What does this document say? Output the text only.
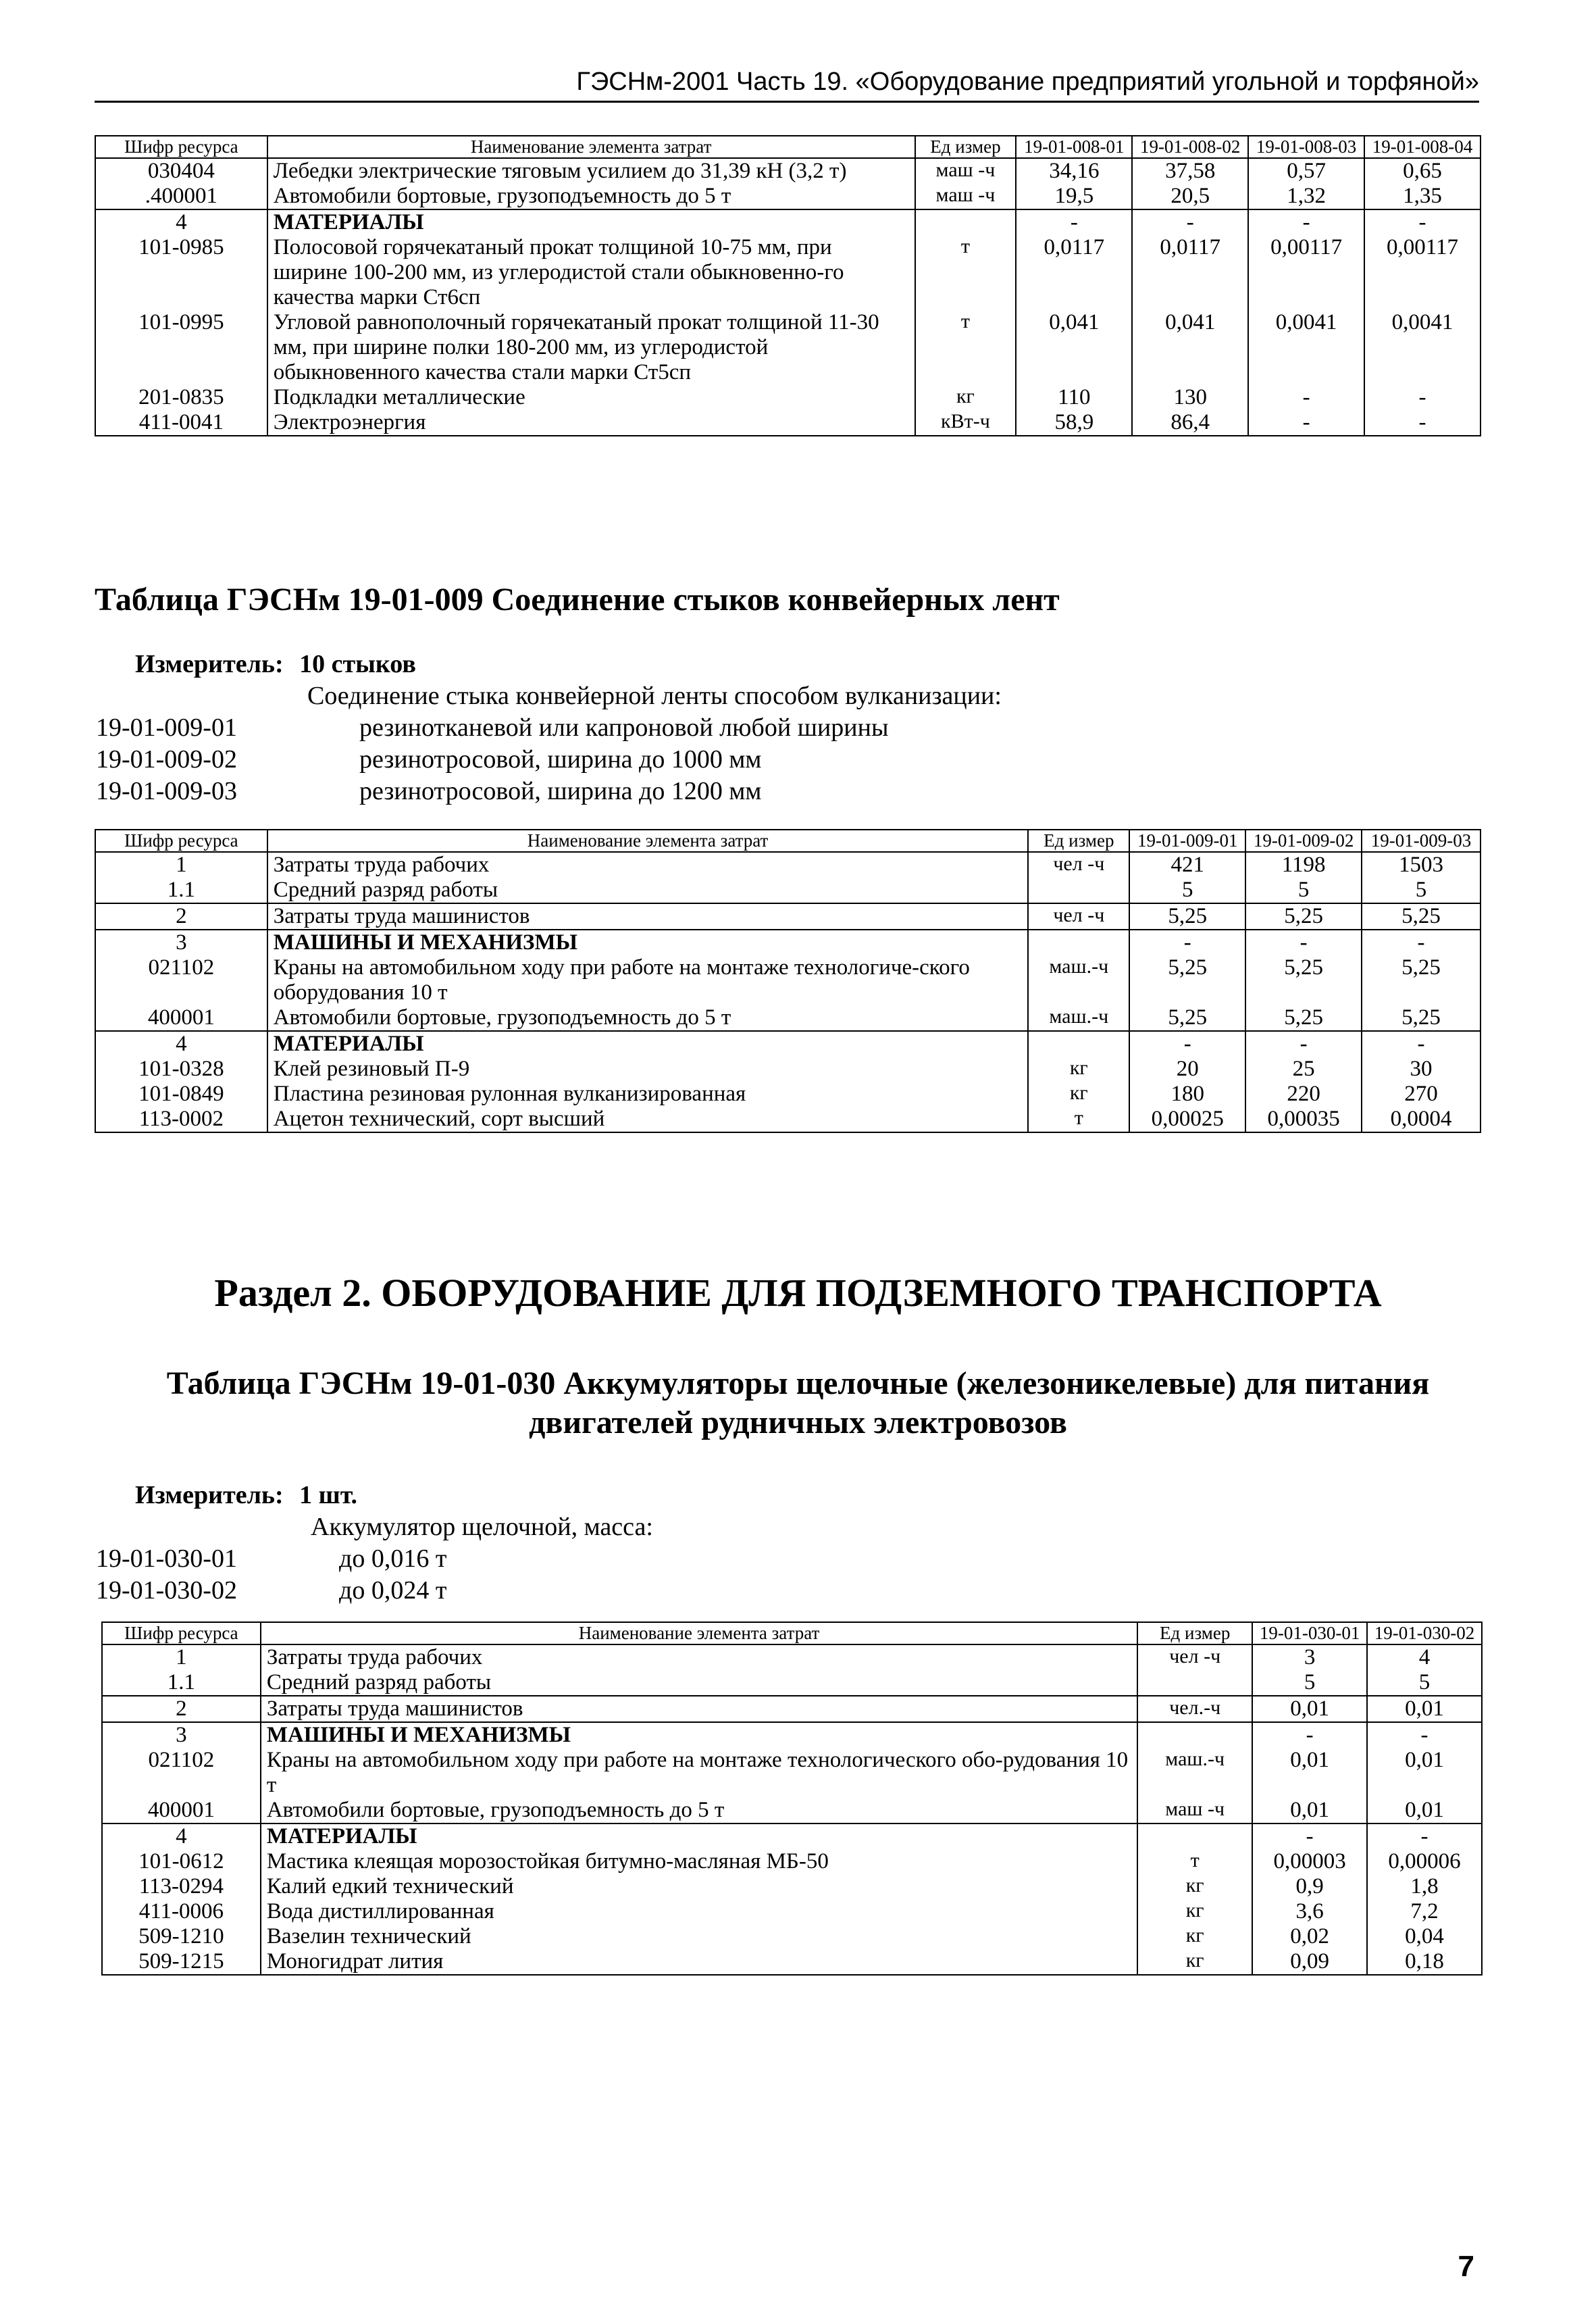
ГЭСНм-2001 Часть 19. «Оборудование предприятий угольной и торфяной»
Шифр ресурса	Наименование элемента затрат	Ед измер	19-01-008-01	19-01-008-02	19-01-008-03	19-01-008-04
030404	Лебедки электрические тяговым усилием до 31,39 кН (3,2 т)	маш -ч	34,16	37,58	0,57	0,65
.400001	Автомобили бортовые, грузоподъемность до 5 т	маш -ч	19,5	20,5	1,32	1,35
4	МАТЕРИАЛЫ		-	-	-	-
101-0985	Полосовой горячекатаный прокат толщиной 10-75 мм, при ширине 100-200 мм, из углеродистой стали обыкновенно-го качества марки Ст6сп	т	0,0117	0,0117	0,00117	0,00117
101-0995	Угловой равнополочный горячекатаный прокат толщиной 11-30 мм, при ширине полки 180-200 мм, из углеродистой обыкновенного качества стали марки Ст5сп	т	0,041	0,041	0,0041	0,0041
201-0835	Подкладки металлические	кг	110	130	-	-
411-0041	Электроэнергия	кВт-ч	58,9	86,4	-	-
Таблица ГЭСНм 19-01-009 Соединение стыков конвейерных лент
Измеритель: 10 стыков
Соединение стыка конвейерной ленты способом вулканизации:
19-01-009-01	резинотканевой или капроновой любой ширины
19-01-009-02	резинотросовой, ширина до 1000 мм
19-01-009-03	резинотросовой, ширина до 1200 мм
Шифр ресурса	Наименование элемента затрат	Ед измер	19-01-009-01	19-01-009-02	19-01-009-03
1	Затраты труда рабочих	чел -ч	421	1198	1503
1.1	Средний разряд работы		5	5	5
2	Затраты труда машинистов	чел -ч	5,25	5,25	5,25
3	МАШИНЫ И МЕХАНИЗМЫ		-	-	-
021102	Краны на автомобильном ходу при работе на монтаже технологиче-ского оборудования 10 т	маш.-ч	5,25	5,25	5,25
400001	Автомобили бортовые, грузоподъемность до 5 т	маш.-ч	5,25	5,25	5,25
4	МАТЕРИАЛЫ		-	-	-
101-0328	Клей резиновый П-9	кг	20	25	30
101-0849	Пластина резиновая рулонная вулканизированная	кг	180	220	270
113-0002	Ацетон технический, сорт высший	т	0,00025	0,00035	0,0004
Раздел 2. ОБОРУДОВАНИЕ ДЛЯ ПОДЗЕМНОГО ТРАНСПОРТА
Таблица ГЭСНм 19-01-030 Аккумуляторы щелочные (железоникелевые) для питания
двигателей рудничных электровозов
Измеритель: 1 шт.
Аккумулятор щелочной, масса:
19-01-030-01	до 0,016 т
19-01-030-02	до 0,024 т
Шифр ресурса	Наименование элемента затрат	Ед измер	19-01-030-01	19-01-030-02
1	Затраты труда рабочих	чел -ч	3	4
1.1	Средний разряд работы		5	5
2	Затраты труда машинистов	чел.-ч	0,01	0,01
3	МАШИНЫ И МЕХАНИЗМЫ		-	-
021102	Краны на автомобильном ходу при работе на монтаже технологического обо-рудования 10 т	маш.-ч	0,01	0,01
400001	Автомобили бортовые, грузоподъемность до 5 т	маш -ч	0,01	0,01
4	МАТЕРИАЛЫ		-	-
101-0612	Мастика клеящая морозостойкая битумно-масляная МБ-50	т	0,00003	0,00006
113-0294	Калий едкий технический	кг	0,9	1,8
411-0006	Вода дистиллированная	кг	3,6	7,2
509-1210	Вазелин технический	кг	0,02	0,04
509-1215	Моногидрат лития	кг	0,09	0,18
7
